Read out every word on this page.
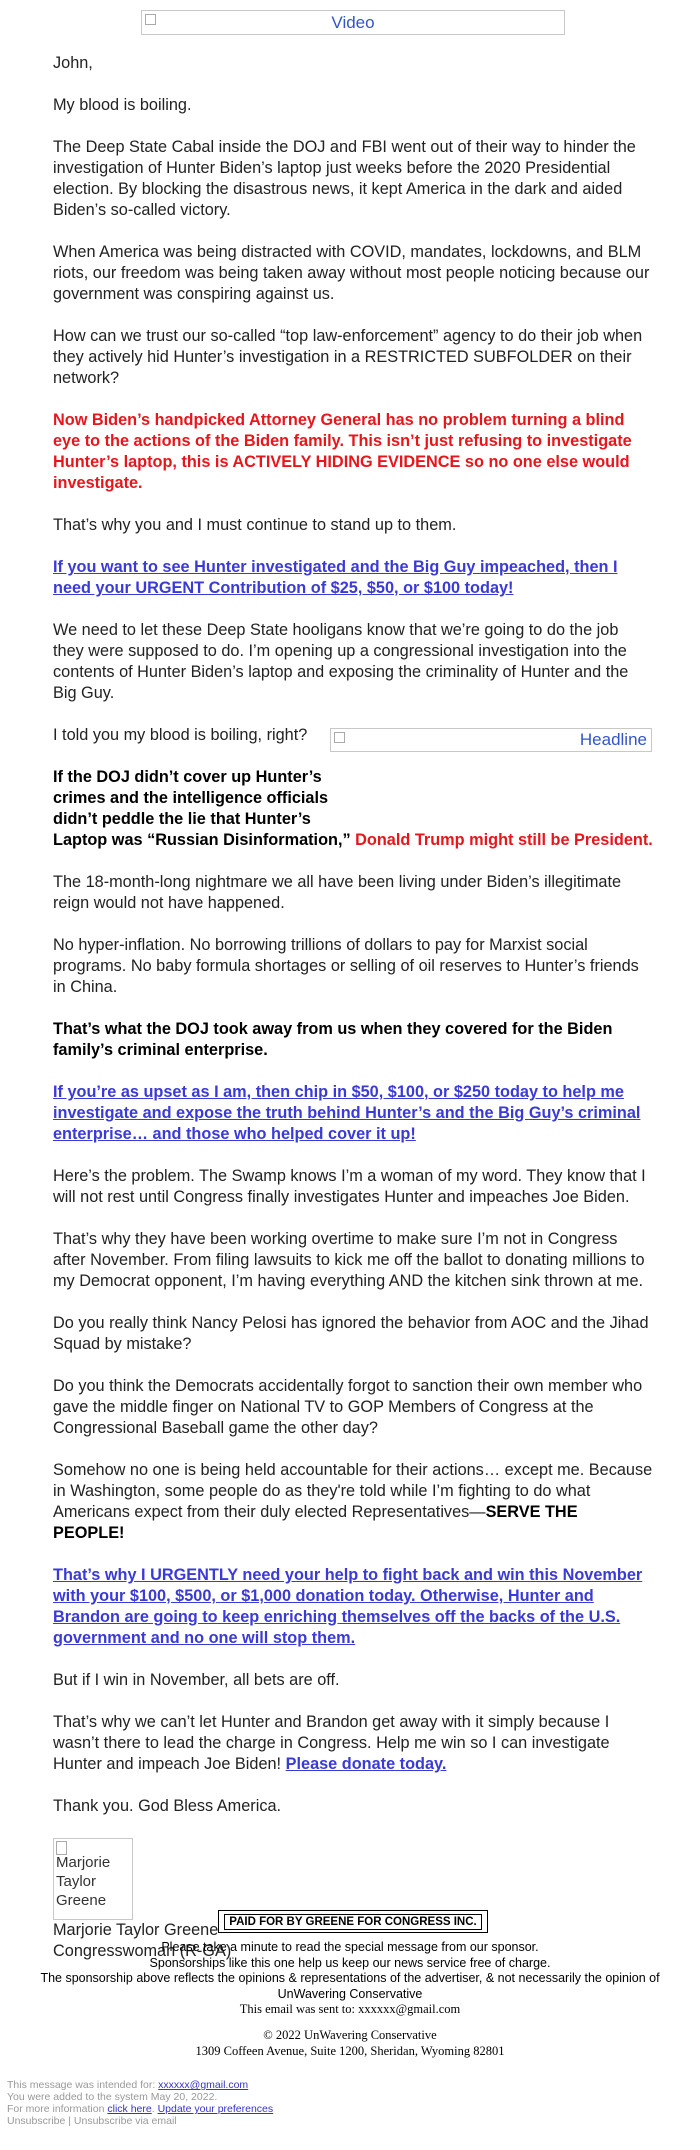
Video

John,

My blood is boiling.

The Deep State Cabal inside the DOJ and FBI went out of their way to hinder the investigation of Hunter Biden’s laptop just weeks before the 2020 Presidential election. By blocking the disastrous news, it kept America in the dark and aided Biden’s so-called victory.

When America was being distracted with COVID, mandates, lockdowns, and BLM riots, our freedom was being taken away without most people noticing because our government was conspiring against us.

How can we trust our so-called “top law-enforcement” agency to do their job when they actively hid Hunter’s investigation in a RESTRICTED SUBFOLDER on their network?

Now Biden’s handpicked Attorney General has no problem turning a blind eye to the actions of the Biden family. This isn’t just refusing to investigate Hunter’s laptop, this is ACTIVELY HIDING EVIDENCE so no one else would investigate.

That’s why you and I must continue to stand up to them.

If you want to see Hunter investigated and the Big Guy impeached, then I need your URGENT Contribution of $25, $50, or $100 today!

We need to let these Deep State hooligans know that we’re going to do the job they were supposed to do. I’m opening up a congressional investigation into the contents of Hunter Biden’s laptop and exposing the criminality of Hunter and the Big Guy.

I told you my blood is boiling, right?

If the DOJ didn’t cover up Hunter’s crimes and the intelligence officials didn’t peddle the lie that Hunter’s Laptop was “Russian Disinformation,” Donald Trump might still be President.

The 18-month-long nightmare we all have been living under Biden’s illegitimate reign would not have happened.

No hyper-inflation. No borrowing trillions of dollars to pay for Marxist social programs. No baby formula shortages or selling of oil reserves to Hunter’s friends in China.

That’s what the DOJ took away from us when they covered for the Biden family’s criminal enterprise.

If you’re as upset as I am, then chip in $50, $100, or $250 today to help me investigate and expose the truth behind Hunter’s and the Big Guy’s criminal enterprise… and those who helped cover it up!

Here’s the problem. The Swamp knows I’m a woman of my word. They know that I will not rest until Congress finally investigates Hunter and impeaches Joe Biden.

That’s why they have been working overtime to make sure I’m not in Congress after November. From filing lawsuits to kick me off the ballot to donating millions to my Democrat opponent, I’m having everything AND the kitchen sink thrown at me.

Do you really think Nancy Pelosi has ignored the behavior from AOC and the Jihad Squad by mistake?

Do you think the Democrats accidentally forgot to sanction their own member who gave the middle finger on National TV to GOP Members of Congress at the Congressional Baseball game the other day?

Somehow no one is being held accountable for their actions… except me. Because in Washington, some people do as they're told while I’m fighting to do what Americans expect from their duly elected Representatives—SERVE THE PEOPLE!

That’s why I URGENTLY need your help to fight back and win this November with your $100, $500, or $1,000 donation today. Otherwise, Hunter and Brandon are going to keep enriching themselves off the backs of the U.S. government and no one will stop them.

But if I win in November, all bets are off.

That’s why we can’t let Hunter and Brandon get away with it simply because I wasn’t there to lead the charge in Congress. Help me win so I can investigate Hunter and impeach Joe Biden! Please donate today.

Thank you. God Bless America.

Marjorie Taylor Greene
Marjorie Taylor Greene
Congresswoman (R-GA)
Headline
PAID FOR BY GREENE FOR CONGRESS INC.
Please take a minute to read the special message from our sponsor.
Sponsorships like this one help us keep our news service free of charge.
The sponsorship above reflects the opinions & representations of the advertiser, & not necessarily the opinion of UnWavering Conservative
This email was sent to: xxxxxx@gmail.com
© 2022 UnWavering Conservative
1309 Coffeen Avenue, Suite 1200, Sheridan, Wyoming 82801
This message was intended for: xxxxxx@gmail.com
You were added to the system May 20, 2022.
For more information click here. Update your preferences
Unsubscribe | Unsubscribe via email
